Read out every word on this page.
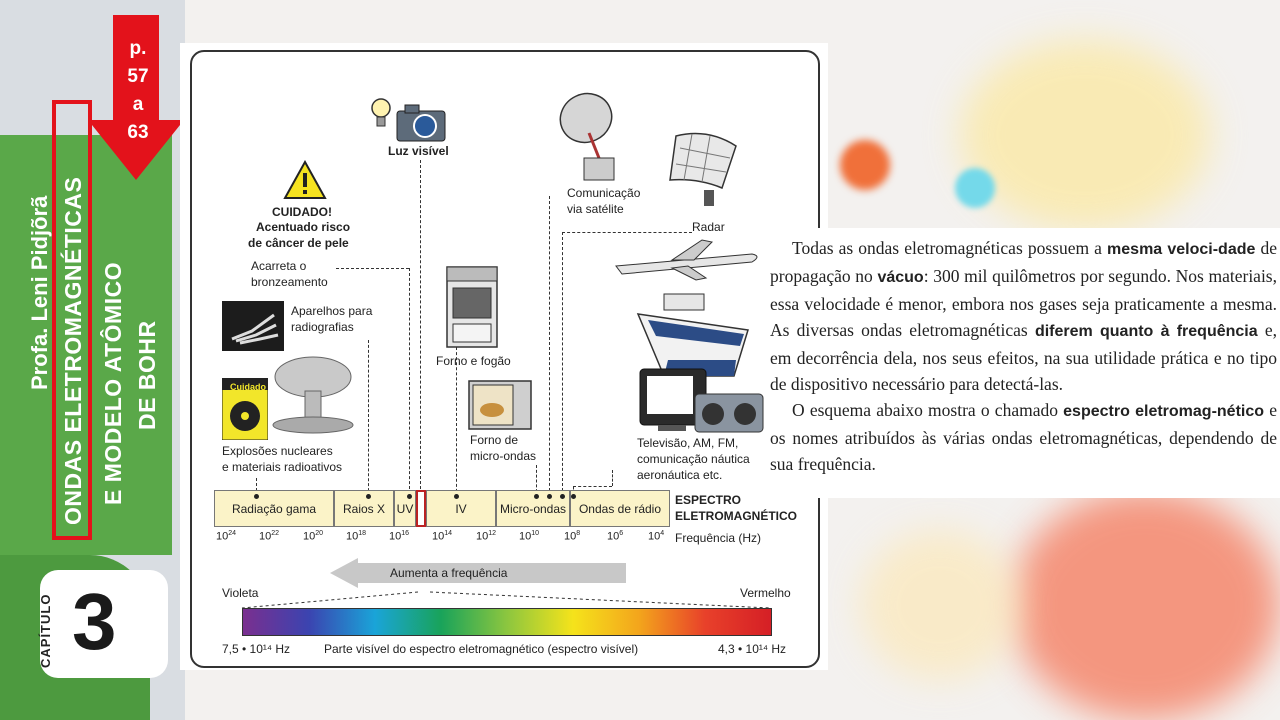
Profa. Leni Pidjõrã ONDAS ELETROMAGNÉTICAS E MODELO ATÔMICO DE BOHR
p.
57
a
63
CAPÍTULO 3
Cuidado
Luz visível
CUIDADO!
Acentuado risco
de câncer de pele
Acarreta o
bronzeamento
Aparelhos para
radiografias
Explosões nucleares
e materiais radioativos
Forno e fogão
Forno de
micro-ondas
Comunicação
via satélite
Radar
Televisão, AM, FM,
comunicação náutica
aeronáutica etc.
Radiação gama	Raios X UV	IV	Micro-ondas	Ondas de rádio
ESPECTRO
ELETROMAGNÉTICO
$10^{24}$ $10^{22}$ $10^{20}$ $10^{18}$ $10^{16}$ $10^{14}$ $10^{12}$ $10^{10}$ $10^8$ $10^6$ $10^4$ Frequência (Hz)
Aumenta a frequência
Violeta	Vermelho
7,5 • 10¹⁴ Hz	Parte visível do espectro eletromagnético (espectro visível)	4,3 • 10¹⁴ Hz

Todas as ondas eletromagnéticas possuem a mesma veloci-dade de propagação no vácuo: 300 mil quilômetros por segundo. Nos materiais, essa velocidade é menor, embora nos gases seja praticamente a mesma. As diversas ondas eletromagnéticas diferem quanto à frequência e, em decorrência dela, nos seus efeitos, na sua utilidade prática e no tipo de dispositivo necessário para detectá-las.

O esquema abaixo mostra o chamado espectro eletromag-nético e os nomes atribuídos às várias ondas eletromagnéticas, dependendo de sua frequência.
